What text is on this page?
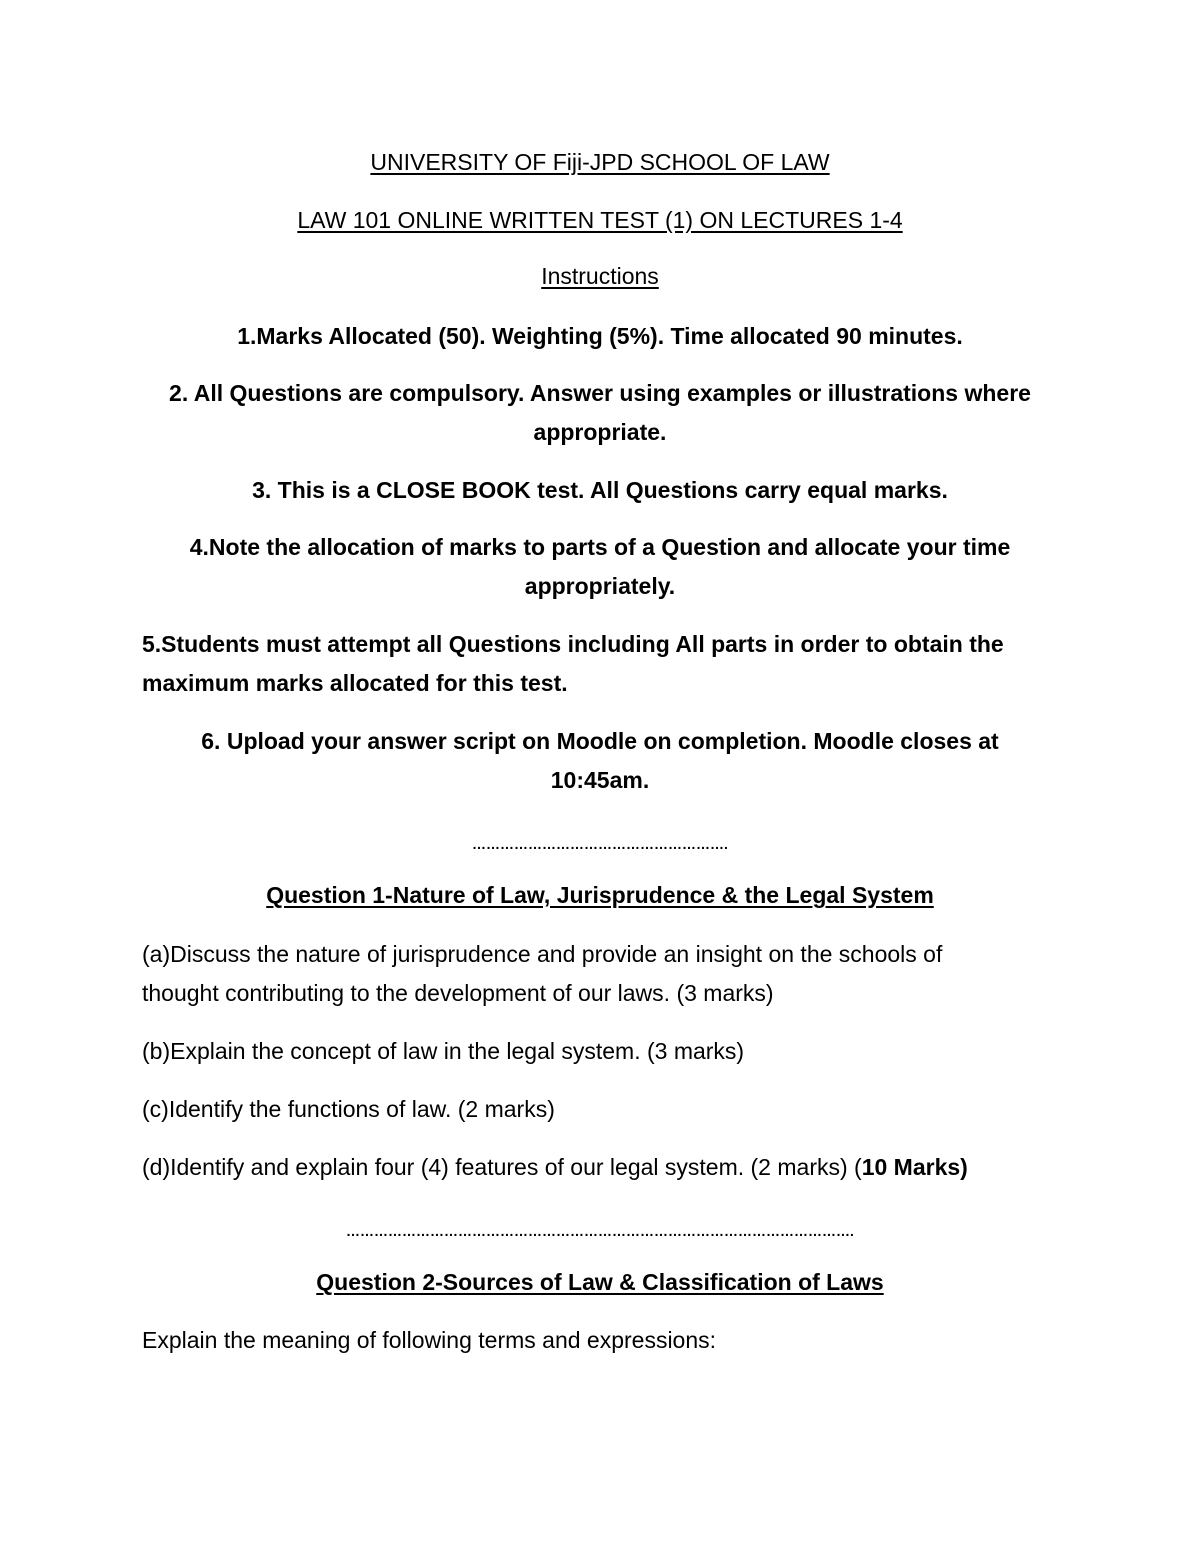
UNIVERSITY OF Fiji-JPD SCHOOL OF LAW
LAW 101 ONLINE WRITTEN TEST (1) ON LECTURES 1-4
Instructions
1.Marks Allocated (50). Weighting (5%). Time allocated 90 minutes.
2. All Questions are compulsory. Answer using examples or illustrations where
appropriate.
3. This is a CLOSE BOOK test. All Questions carry equal marks.
4.Note the allocation of marks to parts of a Question and allocate your time
appropriately.
5.Students must attempt all Questions including All parts in order to obtain the
maximum marks allocated for this test.
6. Upload your answer script on Moodle on completion. Moodle closes at
10:45am.
……………………………………………….
Question 1-Nature of Law, Jurisprudence & the Legal System
(a)Discuss the nature of jurisprudence and provide an insight on the schools of
thought contributing to the development of our laws. (3 marks)
(b)Explain the concept of law in the legal system. (3 marks)
(c)Identify the functions of law. (2 marks)
(d)Identify and explain four (4) features of our legal system. (2 marks) (10 Marks)
……………………………………………………………………………………………….
Question 2-Sources of Law & Classification of Laws
Explain the meaning of following terms and expressions:
